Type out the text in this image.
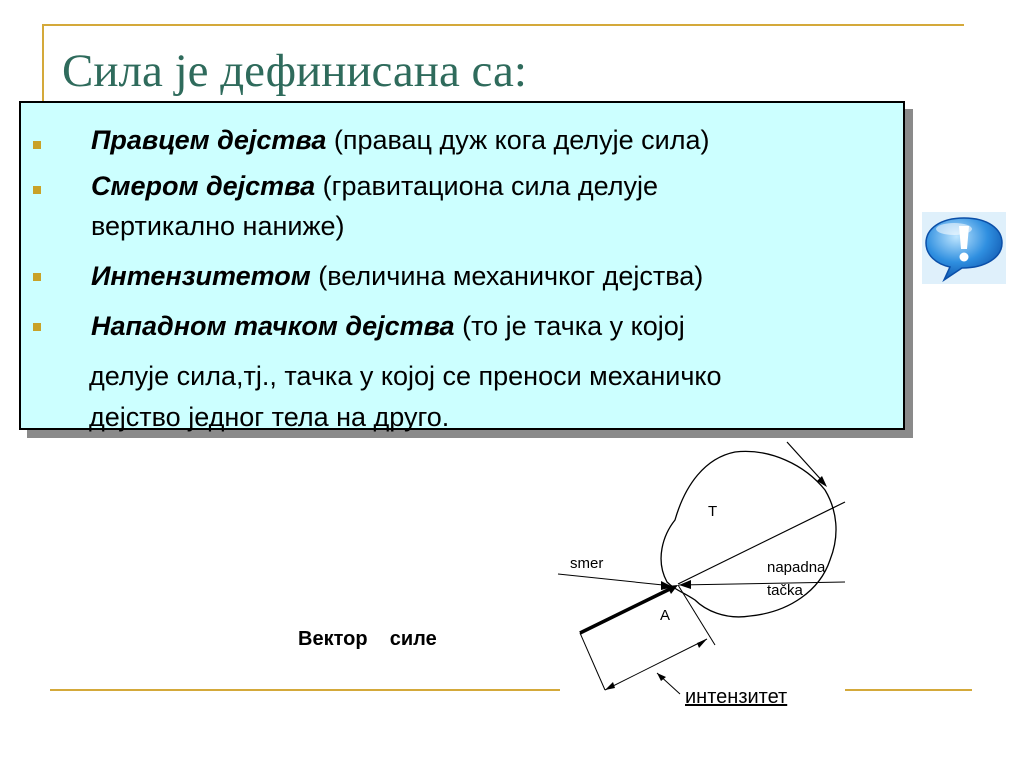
Сила је дефинисана са:
Правцем дејства (правац дуж кога делује сила)
Смером дејства (гравитациона сила делује
вертикално наниже)
Интензитетом (величина механичког дејства)
Нападном тачком дејства (то је тачка у којој
делује сила,тј., тачка у којој се преноси механичко
дејство једног тела на друго.
Вектор    силе
T
smer	napadna
tačka
A
интензитет
